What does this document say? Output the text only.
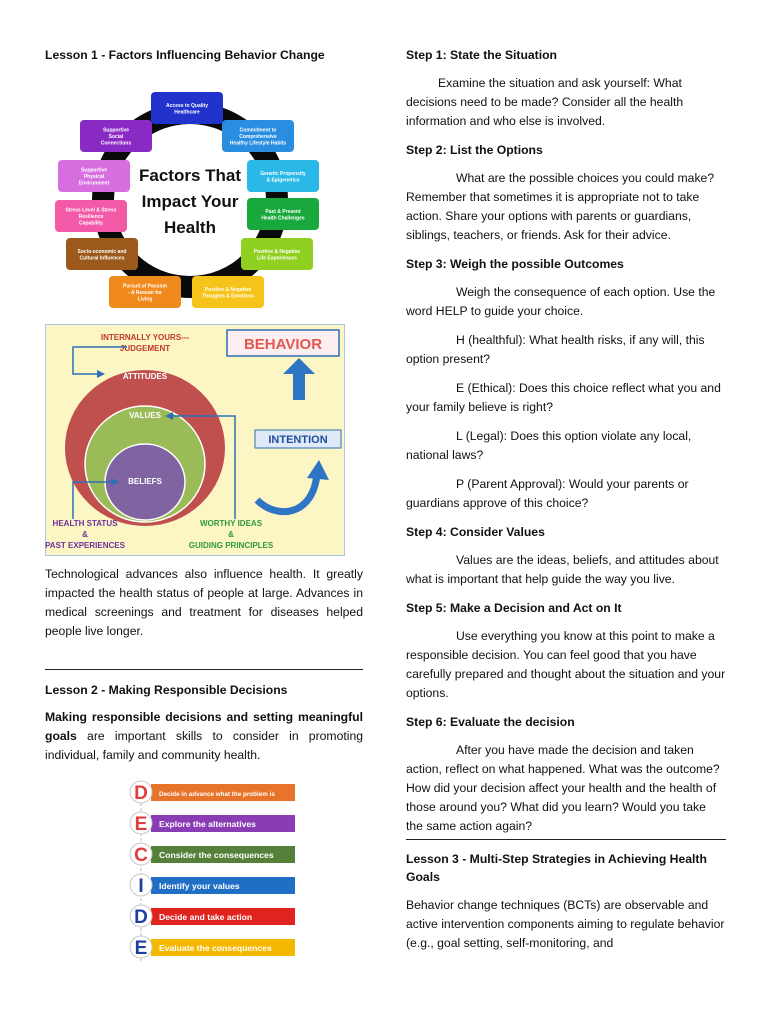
Lesson 1 - Factors Influencing Behavior Change

Factors That
Impact Your
Health
Access to Quality
Healthcare
Commitment to
Comprehensive
Healthy Lifestyle Habits
Genetic Propensity
& Epigenetics
Past & Present
Health Challenges
Positive & Negative
Life Experiences
Positive & Negative
Thoughts & Emotions
Pursuit of Passion
- A Reason for
Living
Socio-economic and
Cultural Influences
Stress Level & Stress
Resilience
Capability
Supportive
Physical
Environment
Supportive
Social
Connections
INTERNALLY YOURS---
JUDGEMENT	BEHAVIOR
ATTITUDES
VALUES
BELIEFS
INTENTION
HEALTH STATUS
&
PAST EXPERIENCES
WORTHY IDEAS
&
GUIDING PRINCIPLES

Technological advances also influence health. It greatly impacted the health status of people at large. Advances in medical screenings and treatment for diseases helped people live longer.

Lesson 2 - Making Responsible Decisions

Making responsible decisions and setting meaningful goals are important skills to consider in promoting individual, family and community health.

D Decide in advance what the problem is
E Explore the alternatives
C Consider the consequences
I Identify your values
D Decide and take action
E Evaluate the consequences

Step 1: State the Situation

Examine the situation and ask yourself: What decisions need to be made? Consider all the health information and who else is involved.

Step 2: List the Options

What are the possible choices you could make? Remember that sometimes it is appropriate not to take action. Share your options with parents or guardians, siblings, teachers, or friends. Ask for their advice.

Step 3: Weigh the possible Outcomes

Weigh the consequence of each option. Use the word HELP to guide your choice.

H (healthful): What health risks, if any will, this option present?

E (Ethical): Does this choice reflect what you and your family believe is right?

L (Legal): Does this option violate any local, national laws?

P (Parent Approval): Would your parents or guardians approve of this choice?

Step 4: Consider Values

Values are the ideas, beliefs, and attitudes about what is important that help guide the way you live.

Step 5: Make a Decision and Act on It

Use everything you know at this point to make a responsible decision. You can feel good that you have carefully prepared and thought about the situation and your options.

Step 6: Evaluate the decision

After you have made the decision and taken action, reflect on what happened. What was the outcome? How did your decision affect your health and the health of those around you? What did you learn? Would you take the same action again?

Lesson 3 - Multi-Step Strategies in Achieving Health Goals

Behavior change techniques (BCTs) are observable and active intervention components aiming to regulate behavior (e.g., goal setting, self-monitoring, and
